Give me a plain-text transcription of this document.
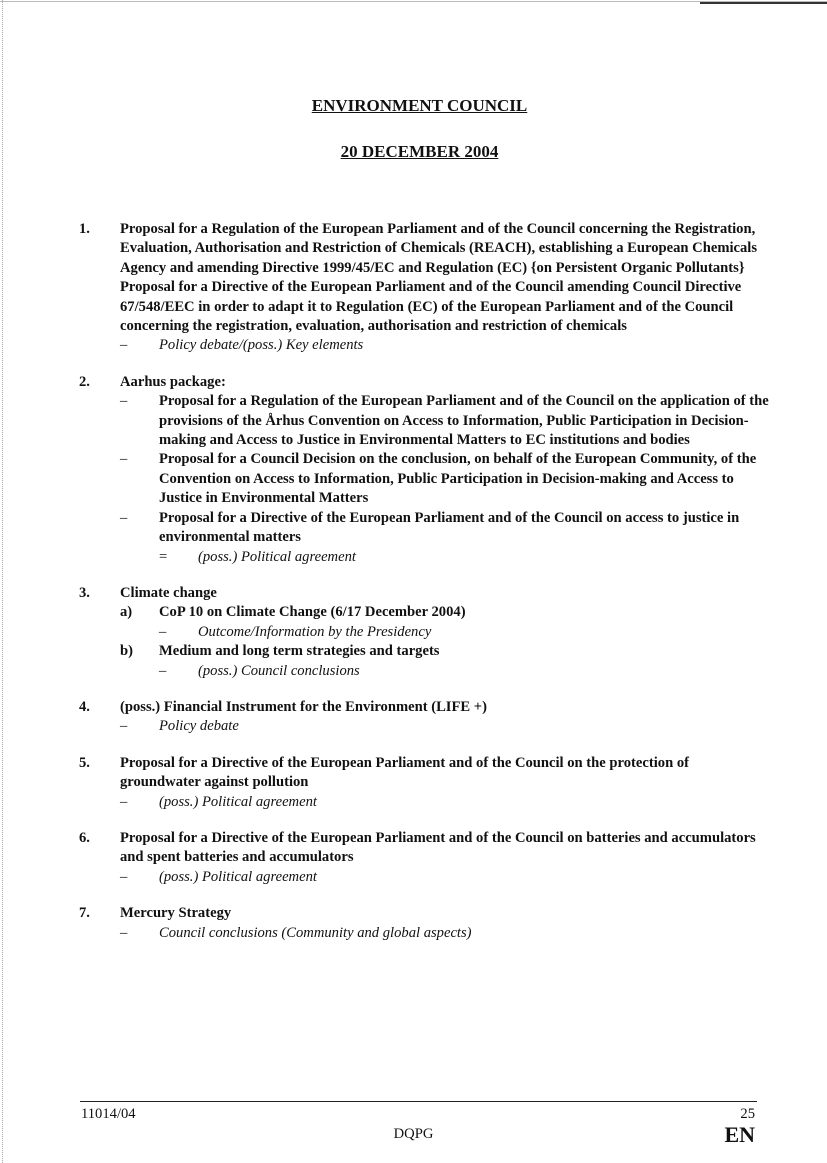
ENVIRONMENT COUNCIL
20 DECEMBER 2004
1. Proposal for a Regulation of the European Parliament and of the Council concerning the Registration, Evaluation, Authorisation and Restriction of Chemicals (REACH), establishing a European Chemicals Agency and amending Directive 1999/45/EC and Regulation (EC) {on Persistent Organic Pollutants}
Proposal for a Directive of the European Parliament and of the Council amending Council Directive 67/548/EEC in order to adapt it to Regulation (EC) of the European Parliament and of the Council concerning the registration, evaluation, authorisation and restriction of chemicals
– Policy debate/(poss.) Key elements
2. Aarhus package:
– Proposal for a Regulation of the European Parliament and of the Council on the application of the provisions of the Århus Convention on Access to Information, Public Participation in Decision-making and Access to Justice in Environmental Matters to EC institutions and bodies
– Proposal for a Council Decision on the conclusion, on behalf of the European Community, of the Convention on Access to Information, Public Participation in Decision-making and Access to Justice in Environmental Matters
– Proposal for a Directive of the European Parliament and of the Council on access to justice in environmental matters
= (poss.) Political agreement
3. Climate change
a) CoP 10 on Climate Change (6/17 December 2004)
– Outcome/Information by the Presidency
b) Medium and long term strategies and targets
– (poss.) Council conclusions
4. (poss.) Financial Instrument for the Environment (LIFE +)
– Policy debate
5. Proposal for a Directive of the European Parliament and of the Council on the protection of groundwater against pollution
– (poss.) Political agreement
6. Proposal for a Directive of the European Parliament and of the Council on batteries and accumulators and spent batteries and accumulators
– (poss.) Political agreement
7. Mercury Strategy
– Council conclusions (Community and global aspects)
11014/04	25
DQPG	EN
